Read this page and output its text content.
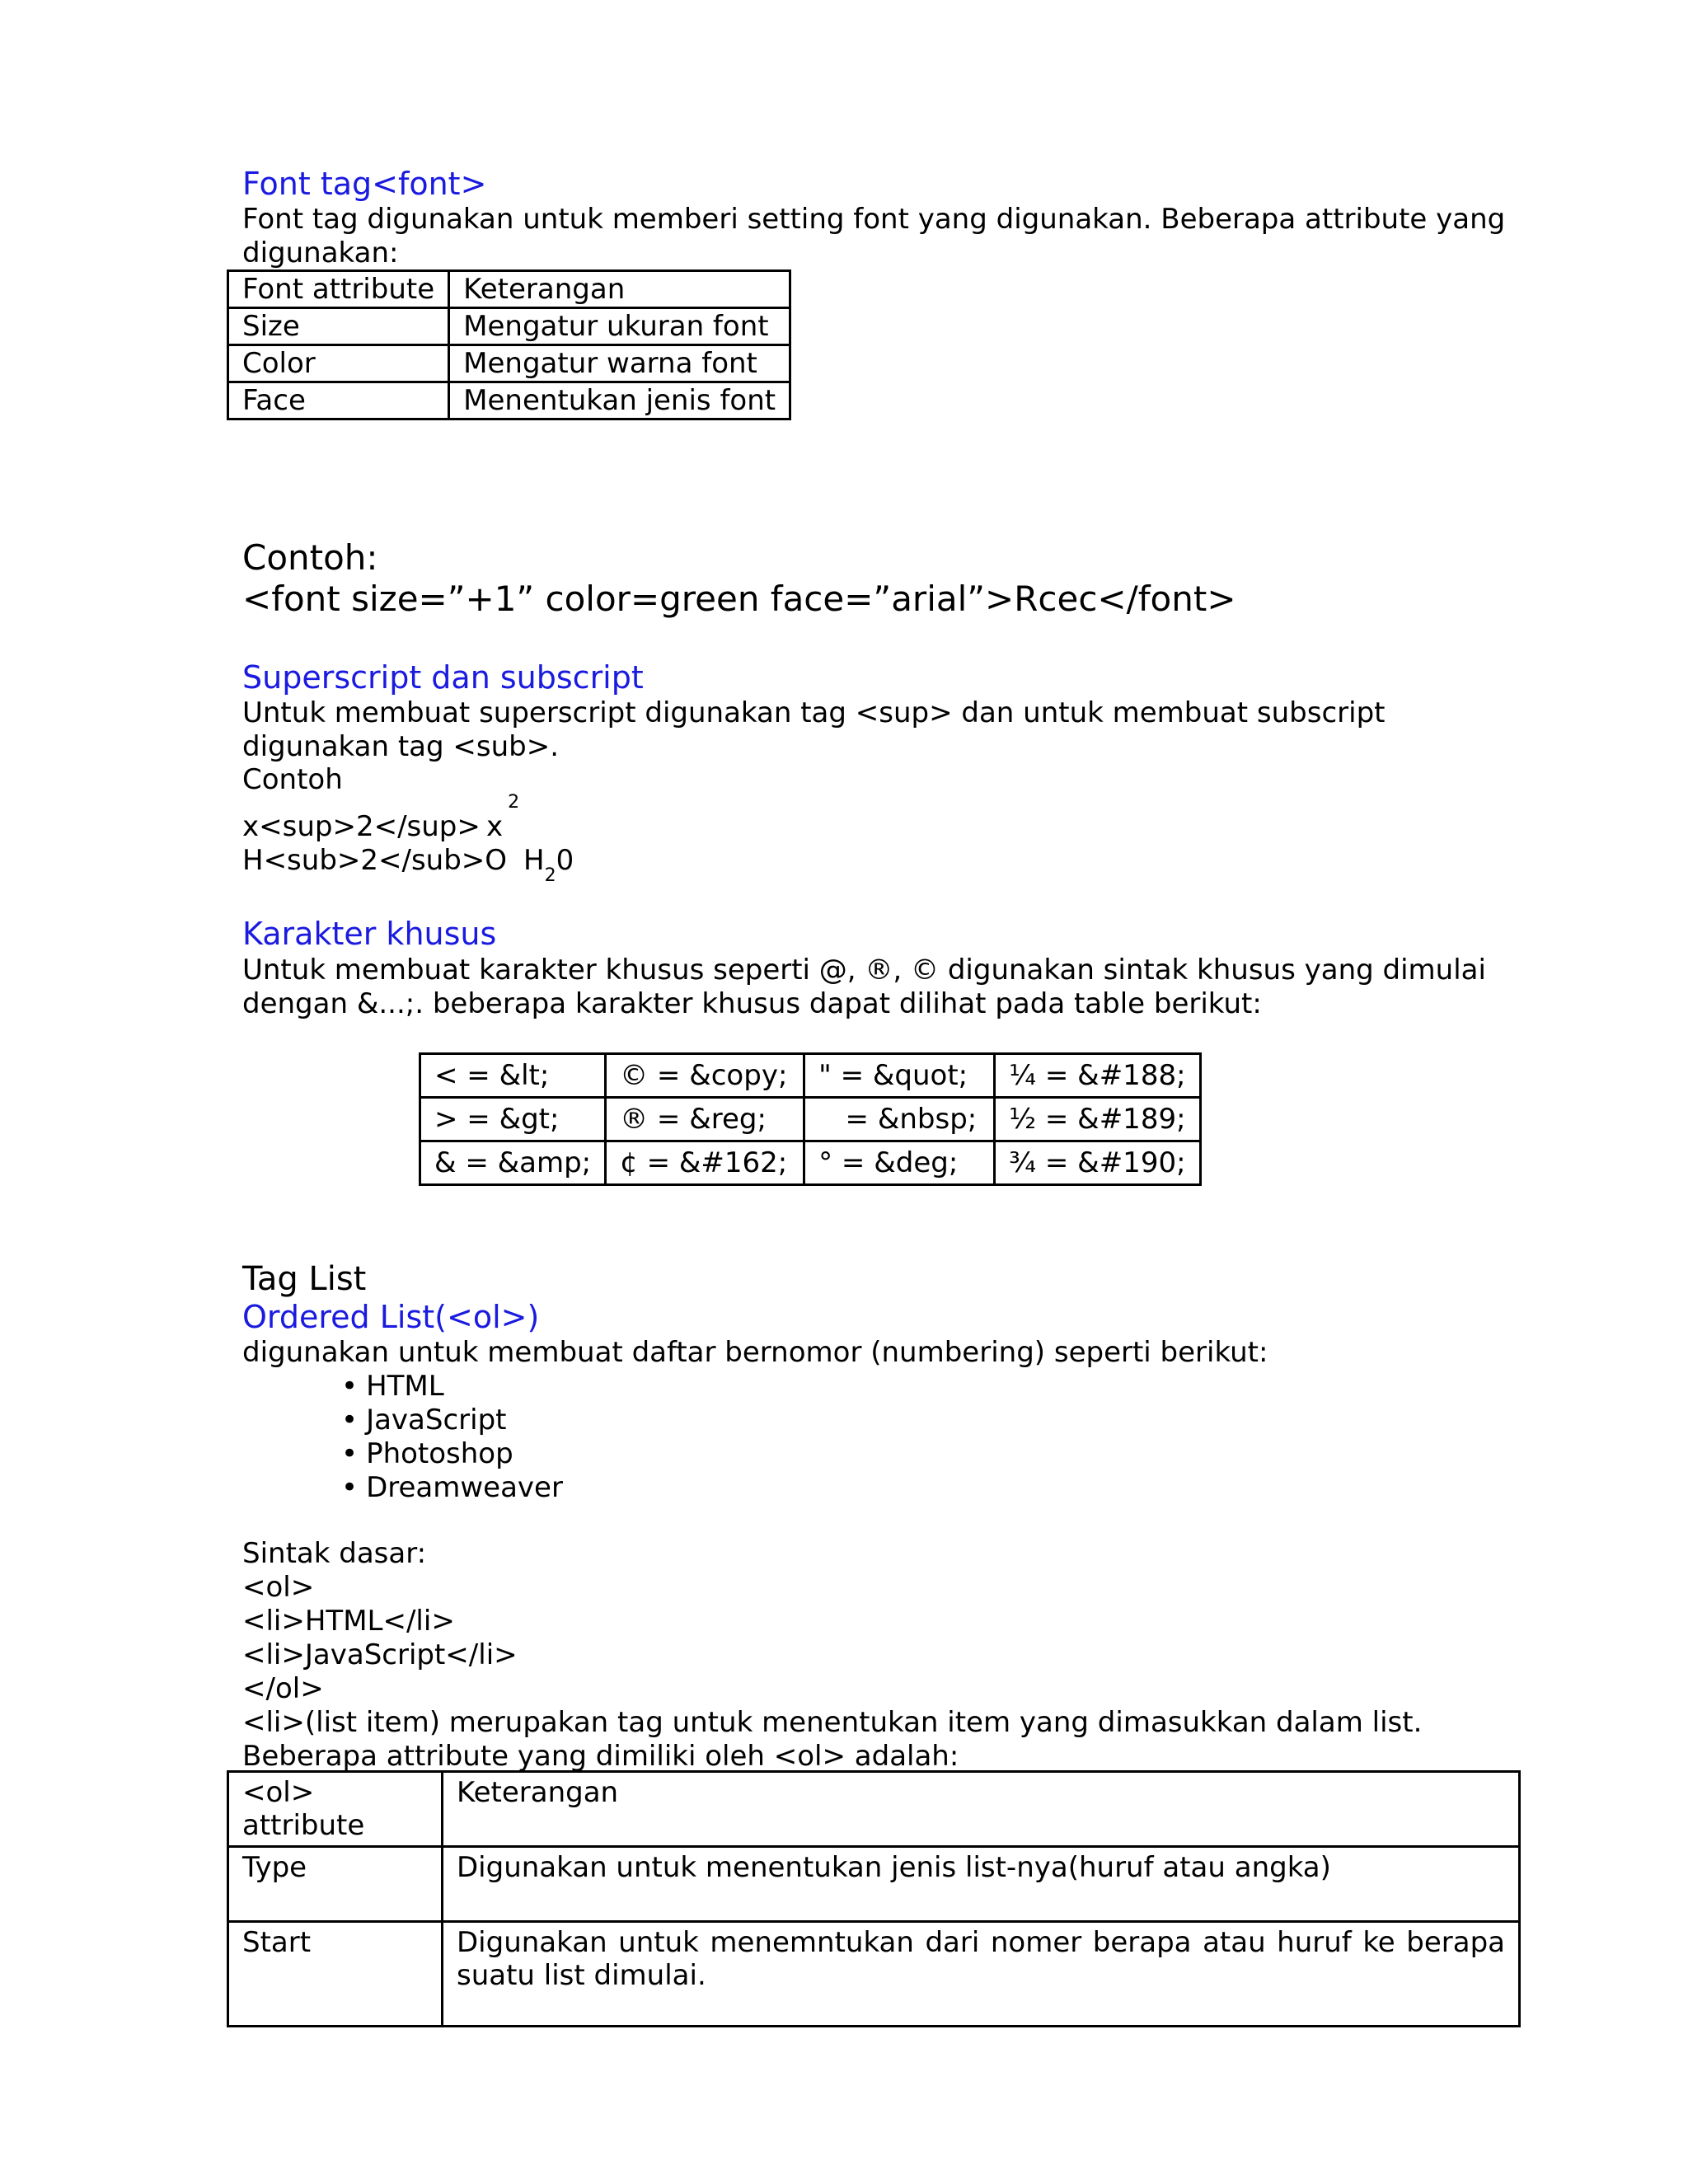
Font tag<font>
Font tag digunakan untuk memberi setting font yang digunakan. Beberapa attribute yang
digunakan:
Font attribute	Keterangan
Size	Mengatur ukuran font
Color	Mengatur warna font
Face	Menentukan jenis font
Contoh:
<font size=”+1” color=green face=”arial”>Rcec</font>
Superscript dan subscript
Untuk membuat superscript digunakan tag <sup> dan untuk membuat subscript
digunakan tag <sub>.
Contoh
$x<sup>2</sup> x^2$
H<sub>2</sub>O $H_20$
Karakter khusus
Untuk membuat karakter khusus seperti @, ®, © digunakan sintak khusus yang dimulai
dengan &...;. beberapa karakter khusus dapat dilihat pada table berikut:
< = &lt;	© = &copy;	" = &quot;	¼ = &#188;
> = &gt;	® = &reg;	= &nbsp;	½ = &#189;
& = &amp;	¢ = &#162;	° = &deg;	¾ = &#190;
Tag List
Ordered List(<ol>)
digunakan untuk membuat daftar bernomor (numbering) seperti berikut:
• HTML
• JavaScript
• Photoshop
• Dreamweaver
Sintak dasar:
<ol>
<li>HTML</li>
<li>JavaScript</li>
</ol>
<li>(list item) merupakan tag untuk menentukan item yang dimasukkan dalam list.
Beberapa attribute yang dimiliki oleh <ol> adalah:
<ol> attribute	Keterangan
Type	Digunakan untuk menentukan jenis list-nya(huruf atau angka)
Start	Digunakan untuk menemntukan dari nomer berapa atau huruf ke berapa suatu list dimulai.
